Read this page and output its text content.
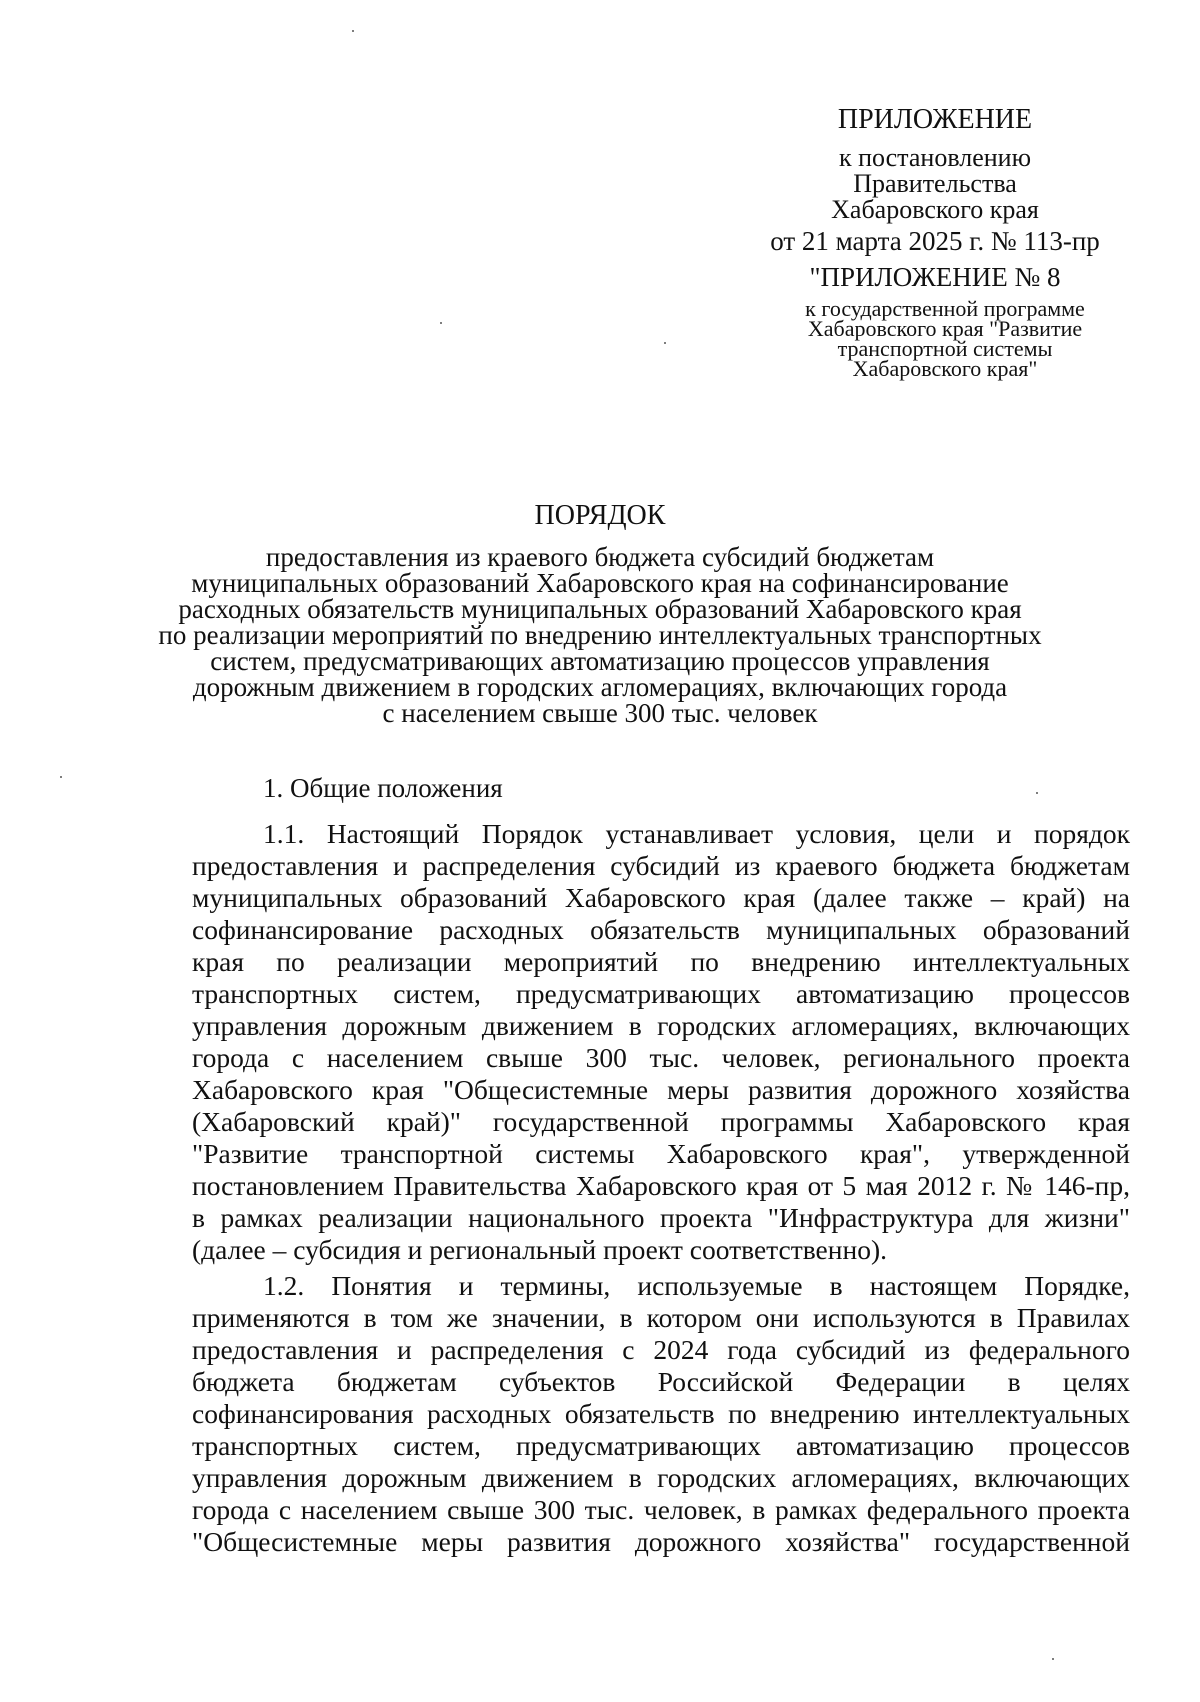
ПРИЛОЖЕНИЕ
к постановлению
Правительства
Хабаровского края
от 21 марта 2025 г. № 113-пр
"ПРИЛОЖЕНИЕ № 8
к государственной программе
Хабаровского края "Развитие
транспортной системы
Хабаровского края"
ПОРЯДОК
предоставления из краевого бюджета субсидий бюджетам
муниципальных образований Хабаровского края на софинансирование
расходных обязательств муниципальных образований Хабаровского края
по реализации мероприятий по внедрению интеллектуальных транспортных
систем, предусматривающих автоматизацию процессов управления
дорожным движением в городских агломерациях, включающих города
с населением свыше 300 тыс. человек
1. Общие положения
1.1. Настоящий Порядок устанавливает условия, цели и порядок
предоставления и распределения субсидий из краевого бюджета бюджетам
муниципальных образований Хабаровского края (далее также – край) на
софинансирование расходных обязательств муниципальных образований
края по реализации мероприятий по внедрению интеллектуальных
транспортных систем, предусматривающих автоматизацию процессов
управления дорожным движением в городских агломерациях, включающих
города с населением свыше 300 тыс. человек, регионального проекта
Хабаровского края "Общесистемные меры развития дорожного хозяйства
(Хабаровский край)" государственной программы Хабаровского края
"Развитие транспортной системы Хабаровского края", утвержденной
постановлением Правительства Хабаровского края от 5 мая 2012 г. № 146-пр,
в рамках реализации национального проекта "Инфраструктура для жизни"
(далее – субсидия и региональный проект соответственно).
1.2. Понятия и термины, используемые в настоящем Порядке,
применяются в том же значении, в котором они используются в Правилах
предоставления и распределения с 2024 года субсидий из федерального
бюджета бюджетам субъектов Российской Федерации в целях
софинансирования расходных обязательств по внедрению интеллектуальных
транспортных систем, предусматривающих автоматизацию процессов
управления дорожным движением в городских агломерациях, включающих
города с населением свыше 300 тыс. человек, в рамках федерального проекта
"Общесистемные меры развития дорожного хозяйства" государственной
